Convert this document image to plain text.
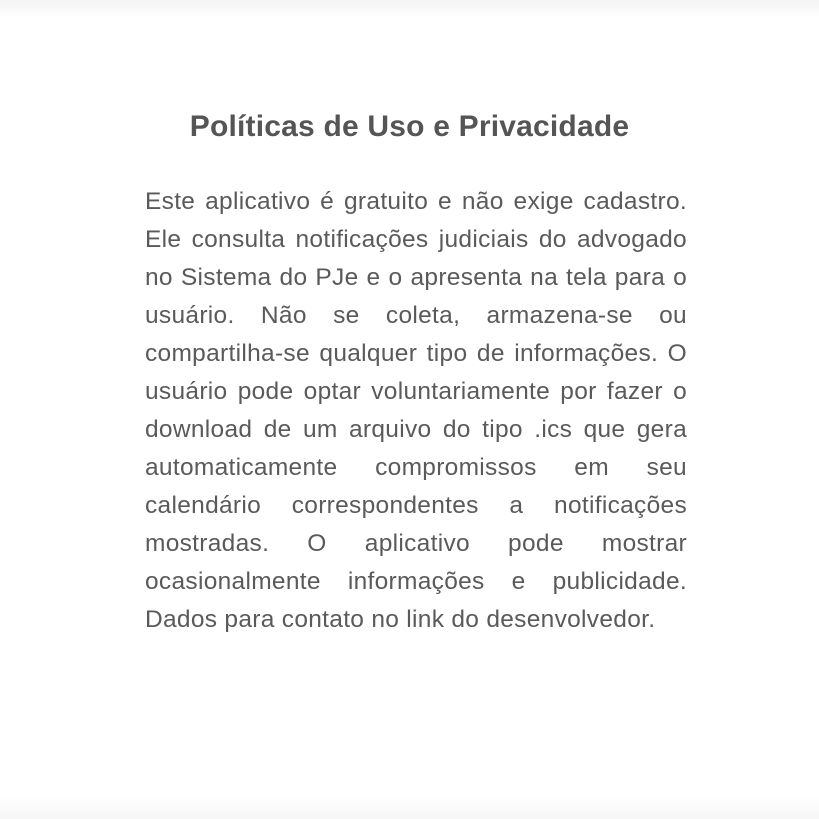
Políticas de Uso e Privacidade

Este aplicativo é gratuito e não exige cadastro. Ele consulta notificações judiciais do advogado no Sistema do PJe e o apresenta na tela para o usuário. Não se coleta, armazena-se ou compartilha-se qualquer tipo de informações. O usuário pode optar voluntariamente por fazer o download de um arquivo do tipo .ics que gera automaticamente compromissos em seu calendário correspondentes a notificações mostradas. O aplicativo pode mostrar ocasionalmente informações e publicidade. Dados para contato no link do desenvolvedor.
